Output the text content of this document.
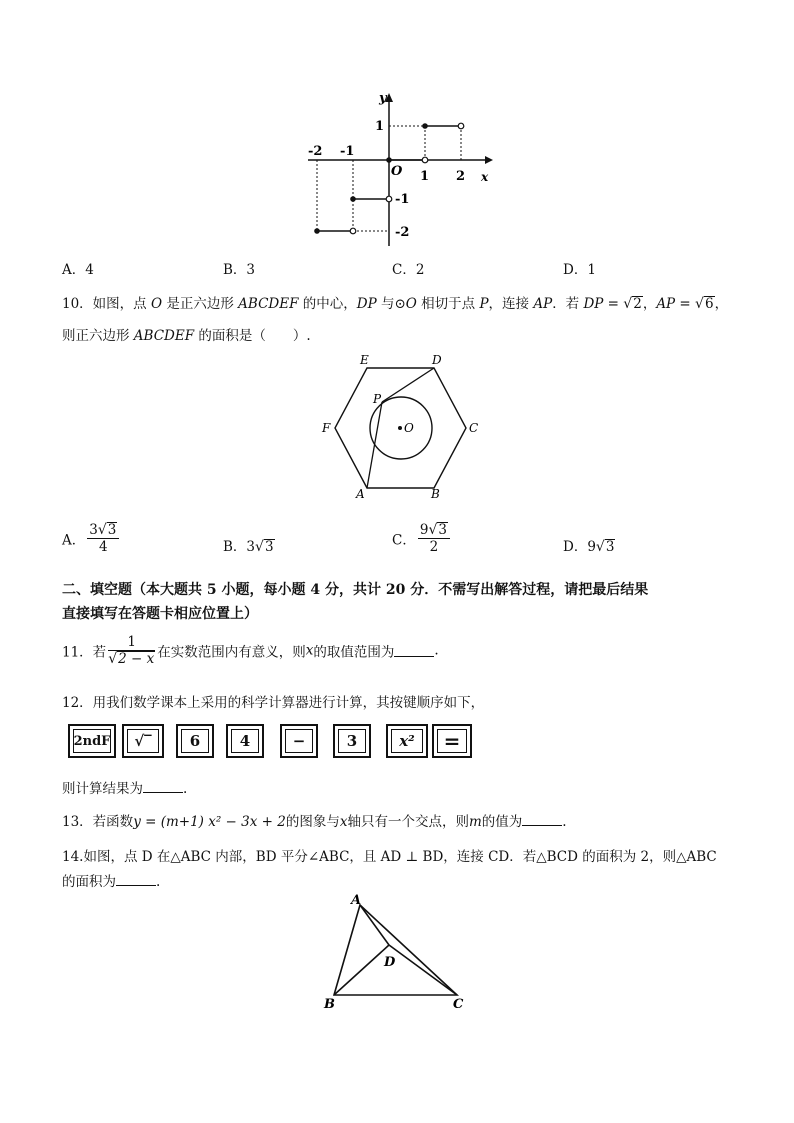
y
x
O
-2 -1
1 2
1
-1
-2
A．4	B．3	C．2	D．1
10．如图，点 O 是正六边形 ABCDEF 的中心，DP 与⊙O 相切于点 P，连接 AP．若 DP = √2，AP = √6，
则正六边形 ABCDEF 的面积是（　　）.
E	D
P
F	O	C
A	B
A． $\frac{3√3}{4}$	B．3√3	C． $\frac{9√3}{2}$	D．9√3
二、填空题（本大题共 5 小题，每小题 4 分，共计 20 分．不需写出解答过程，请把最后结果
直接填写在答题卡相应位置上）
11．若 $\frac{1}{√2 - x}$ 在实数范围内有意义，则x的取值范围为	.
12．用我们数学课本上采用的科学计算器进行计算，其按键顺序如下，
2ndF √‾	6	4	−	3	x² =
则计算结果为	.
13．若函数y = (m+1) x² − 3x + 2的图象与x轴只有一个交点，则m的值为	.
14.如图，点 D 在△ABC 内部，BD 平分∠ABC，且 AD ⊥ BD，连接 CD．若△BCD 的面积为 2，则△ABC
的面积为	.
A
D
B	C
